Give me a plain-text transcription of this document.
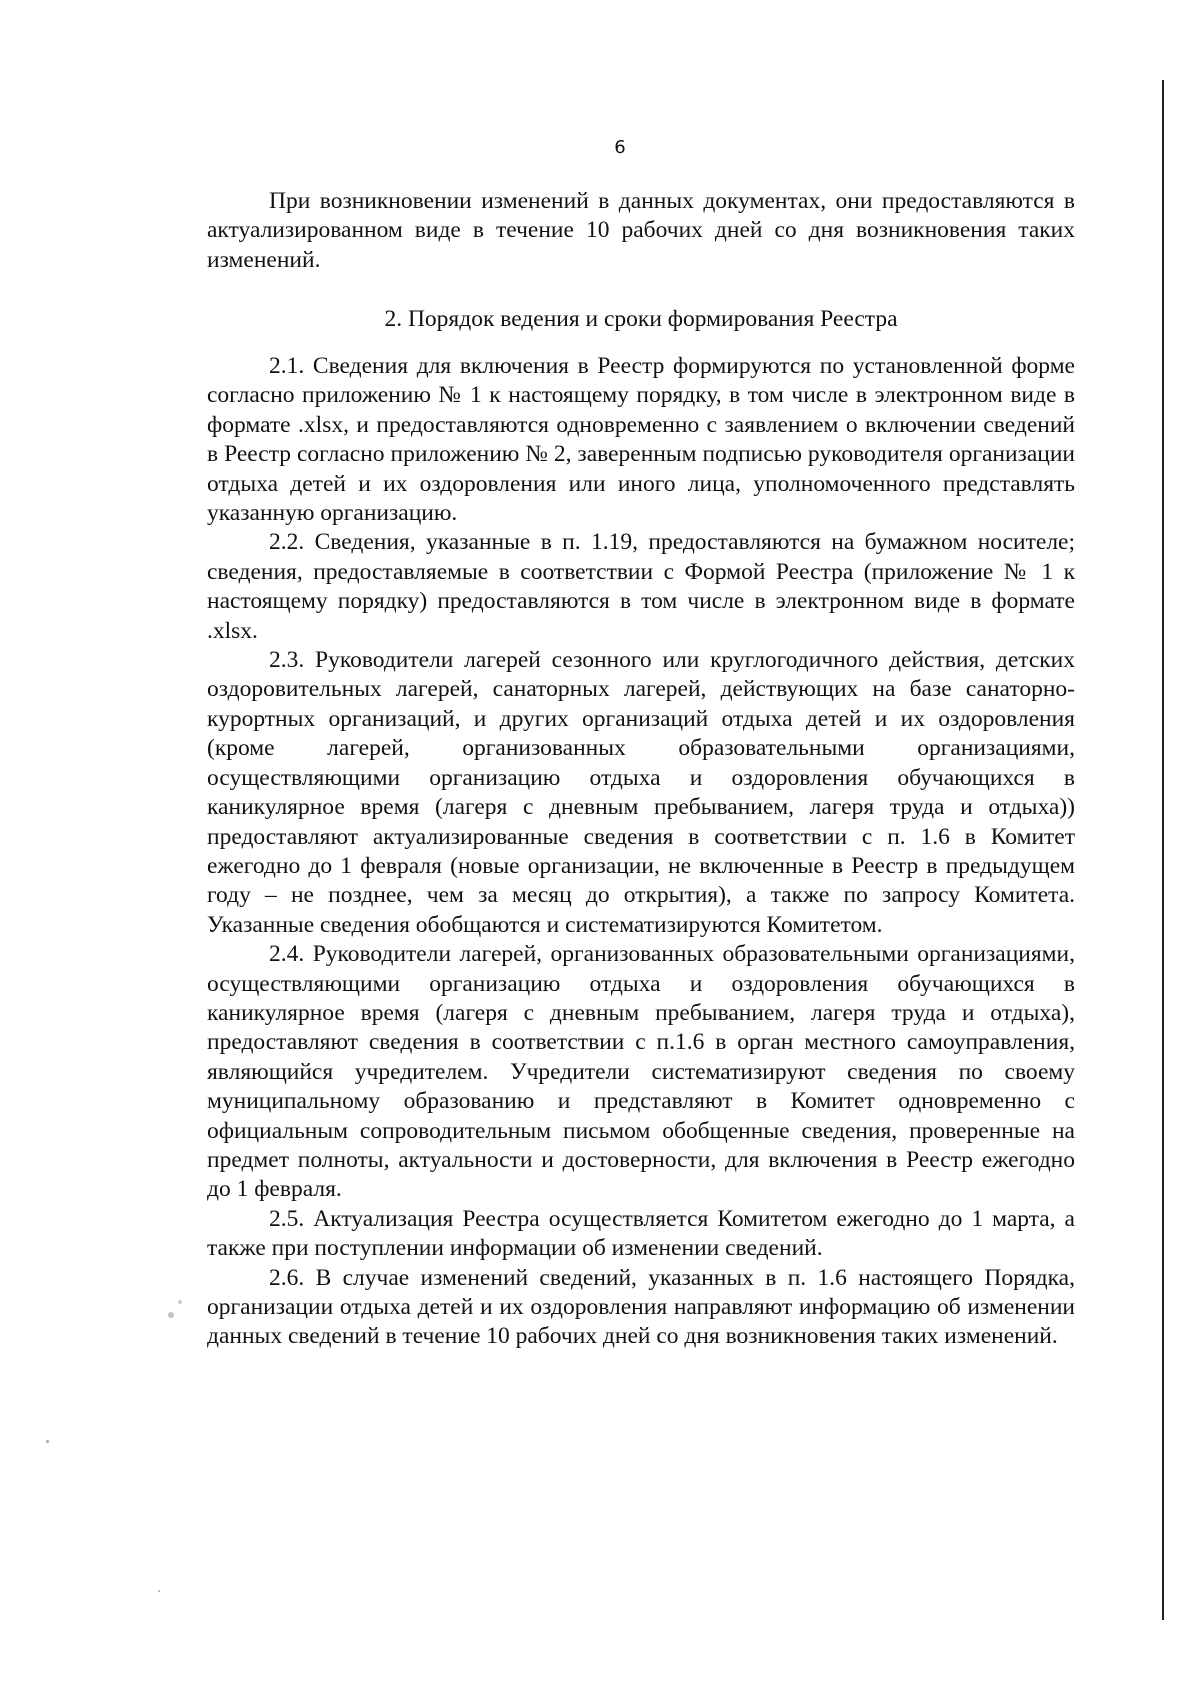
6

При возникновении изменений в данных документах, они предоставляются в актуализированном виде в течение 10 рабочих дней со дня возникновения таких изменений.

2. Порядок ведения и сроки формирования Реестра

2.1. Сведения для включения в Реестр формируются по установленной форме согласно приложению № 1 к настоящему порядку, в том числе в электронном виде в формате .xlsx, и предоставляются одновременно с заявлением о включении сведений в Реестр согласно приложению № 2, заверенным подписью руководителя организации отдыха детей и их оздоровления или иного лица, уполномоченного представлять указанную организацию.

2.2. Сведения, указанные в п. 1.19, предоставляются на бумажном носителе; сведения, предоставляемые в соответствии с Формой Реестра (приложение № 1 к настоящему порядку) предоставляются в том числе в электронном виде в формате .xlsx.

2.3. Руководители лагерей сезонного или круглогодичного действия, детских оздоровительных лагерей, санаторных лагерей, действующих на базе санаторно-курортных организаций, и других организаций отдыха детей и их оздоровления (кроме лагерей, организованных образовательными организациями, осуществляющими организацию отдыха и оздоровления обучающихся в каникулярное время (лагеря с дневным пребыванием, лагеря труда и отдыха)) предоставляют актуализированные сведения в соответствии с п. 1.6 в Комитет ежегодно до 1 февраля (новые организации, не включенные в Реестр в предыдущем году – не позднее, чем за месяц до открытия), а также по запросу Комитета. Указанные сведения обобщаются и систематизируются Комитетом.

2.4. Руководители лагерей, организованных образовательными организациями, осуществляющими организацию отдыха и оздоровления обучающихся в каникулярное время (лагеря с дневным пребыванием, лагеря труда и отдыха), предоставляют сведения в соответствии с п.1.6 в орган местного самоуправления, являющийся учредителем. Учредители систематизируют сведения по своему муниципальному образованию и представляют в Комитет одновременно с официальным сопроводительным письмом обобщенные сведения, проверенные на предмет полноты, актуальности и достоверности, для включения в Реестр ежегодно до 1 февраля.

2.5. Актуализация Реестра осуществляется Комитетом ежегодно до 1 марта, а также при поступлении информации об изменении сведений.

2.6. В случае изменений сведений, указанных в п. 1.6 настоящего Порядка, организации отдыха детей и их оздоровления направляют информацию об изменении данных сведений в течение 10 рабочих дней со дня возникновения таких изменений.
